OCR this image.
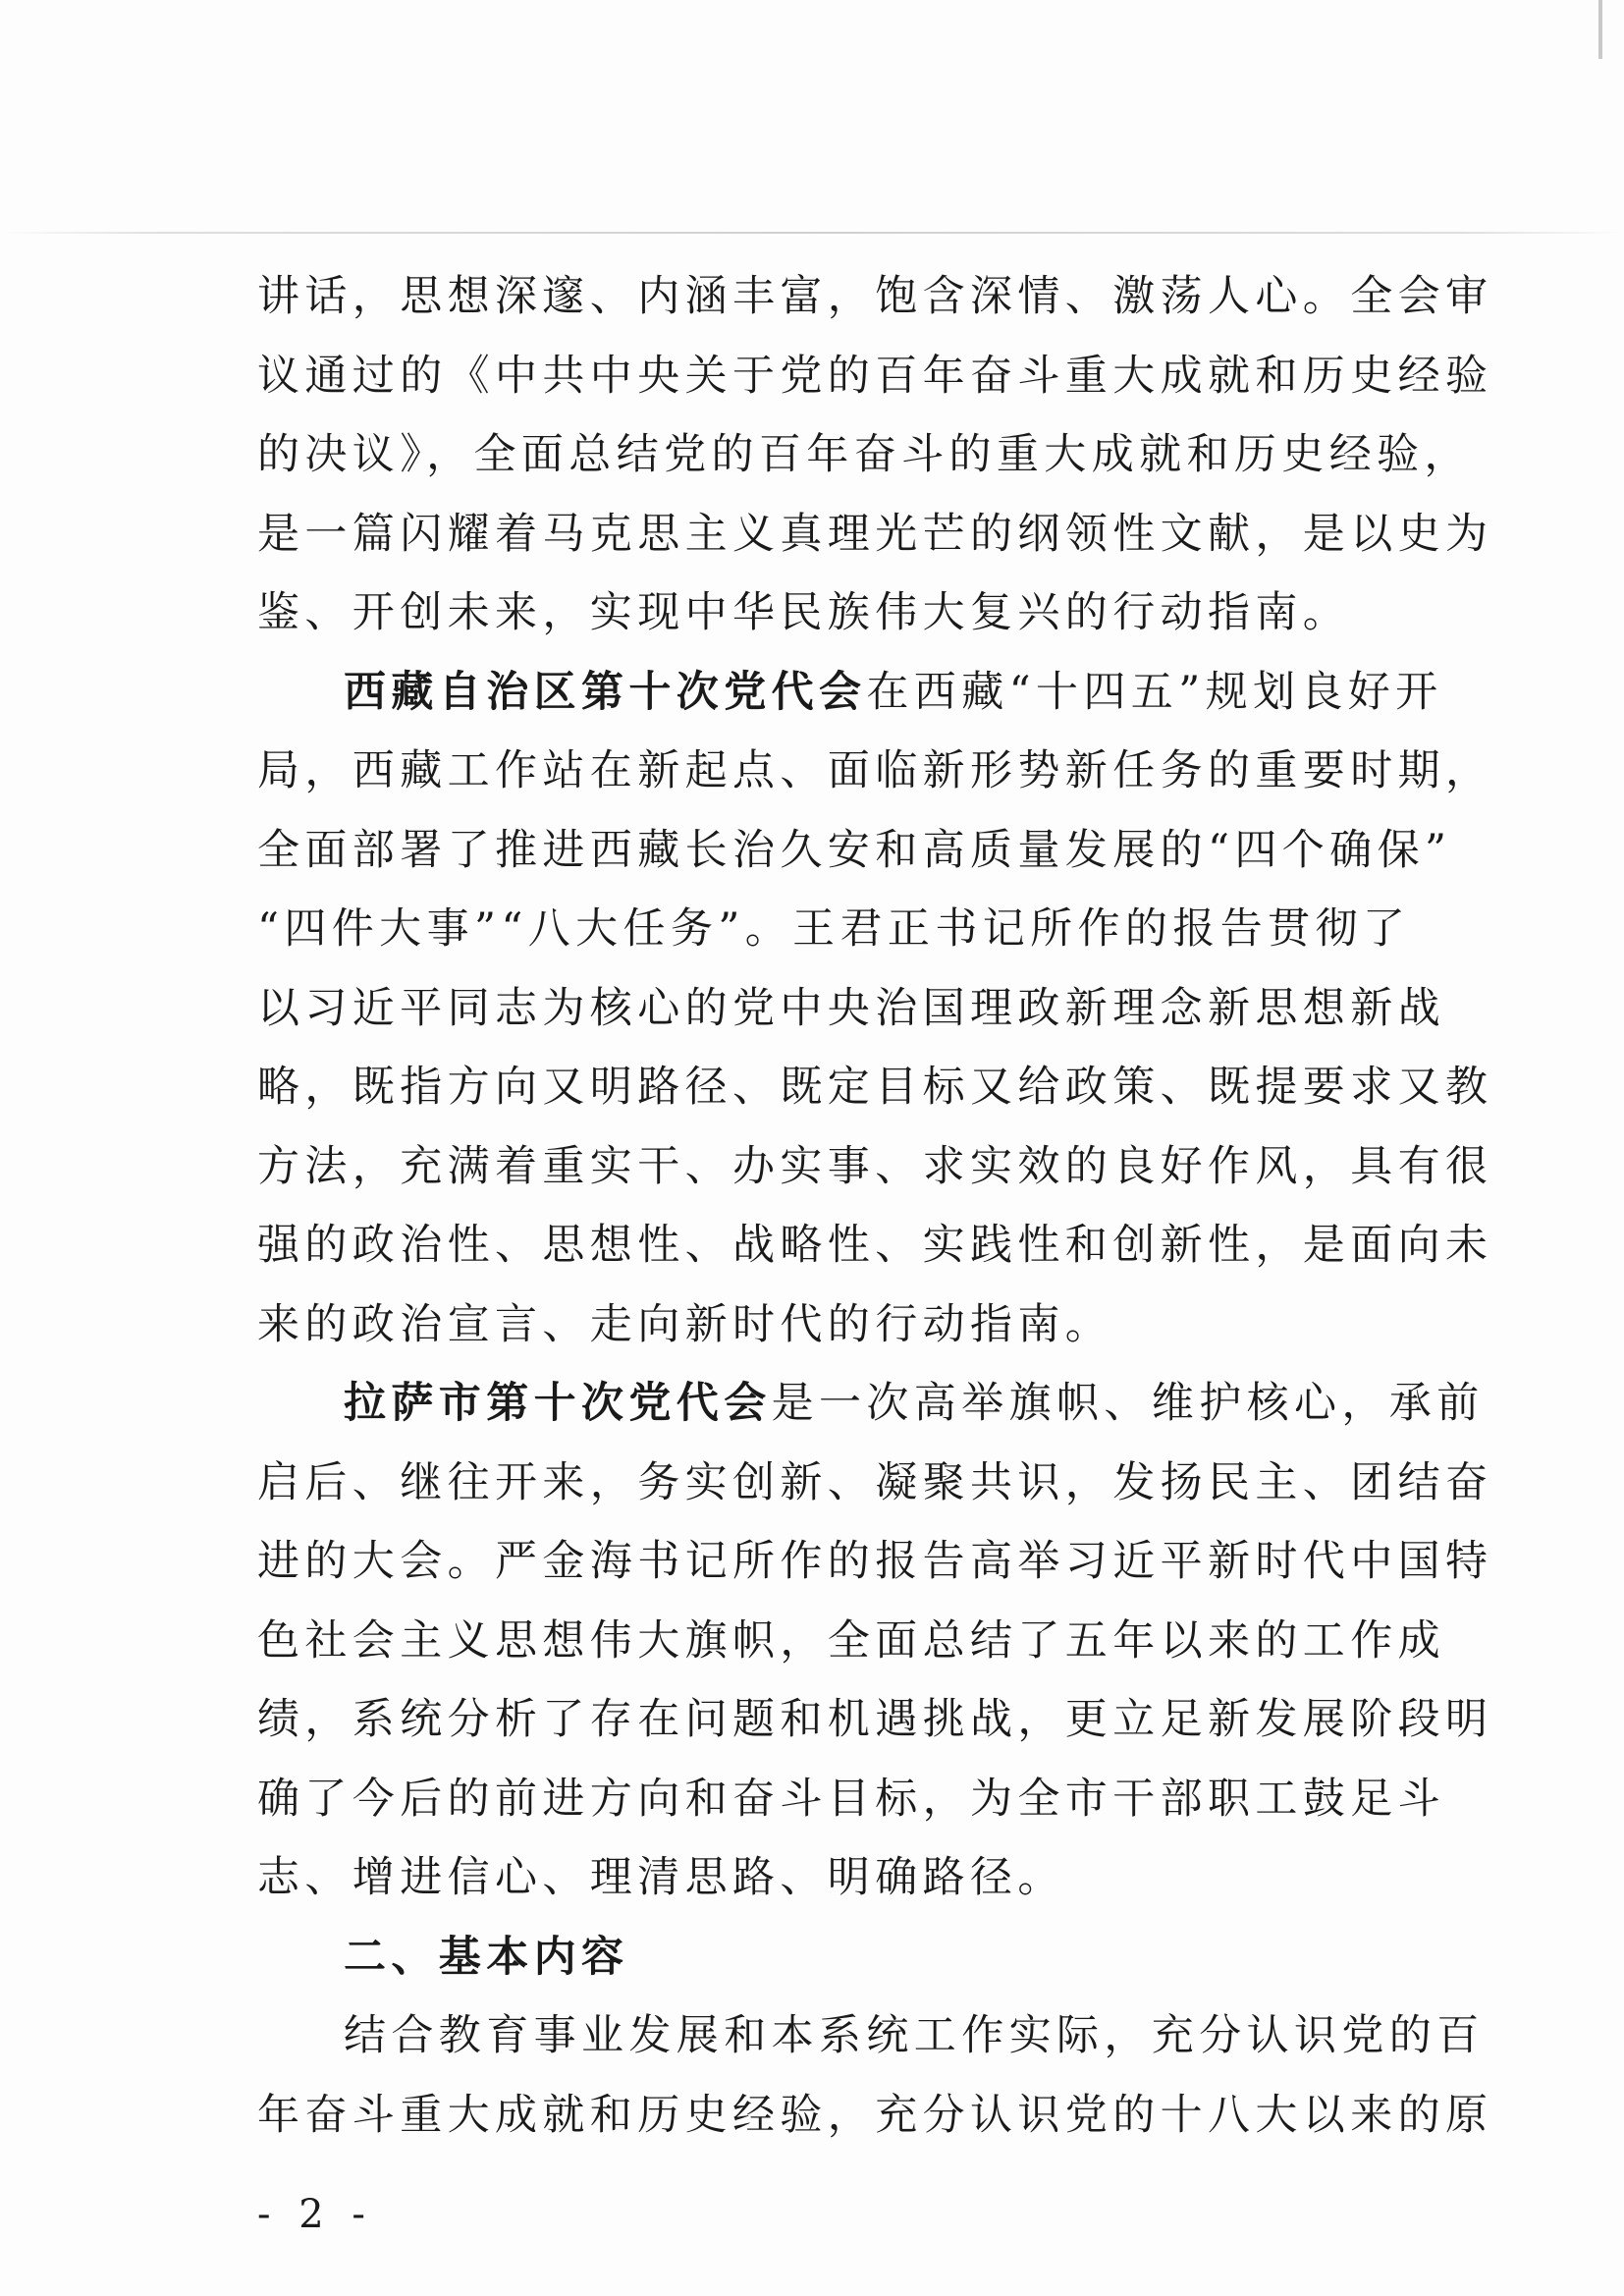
讲话，思想深邃、内涵丰富，饱含深情、激荡人心。全会审
议通过的《中共中央关于党的百年奋斗重大成就和历史经验
的决议》，全面总结党的百年奋斗的重大成就和历史经验，
是一篇闪耀着马克思主义真理光芒的纲领性文献，是以史为
鉴、开创未来，实现中华民族伟大复兴的行动指南。
西藏自治区第十次党代会在西藏“十四五”规划良好开
局，西藏工作站在新起点、面临新形势新任务的重要时期，
全面部署了推进西藏长治久安和高质量发展的“四个确保”
“四件大事”“八大任务”。王君正书记所作的报告贯彻了
以习近平同志为核心的党中央治国理政新理念新思想新战
略，既指方向又明路径、既定目标又给政策、既提要求又教
方法，充满着重实干、办实事、求实效的良好作风，具有很
强的政治性、思想性、战略性、实践性和创新性，是面向未
来的政治宣言、走向新时代的行动指南。
拉萨市第十次党代会是一次高举旗帜、维护核心，承前
启后、继往开来，务实创新、凝聚共识，发扬民主、团结奋
进的大会。严金海书记所作的报告高举习近平新时代中国特
色社会主义思想伟大旗帜，全面总结了五年以来的工作成
绩，系统分析了存在问题和机遇挑战，更立足新发展阶段明
确了今后的前进方向和奋斗目标，为全市干部职工鼓足斗
志、增进信心、理清思路、明确路径。
二、基本内容
结合教育事业发展和本系统工作实际，充分认识党的百
年奋斗重大成就和历史经验，充分认识党的十八大以来的原
- 2 -
